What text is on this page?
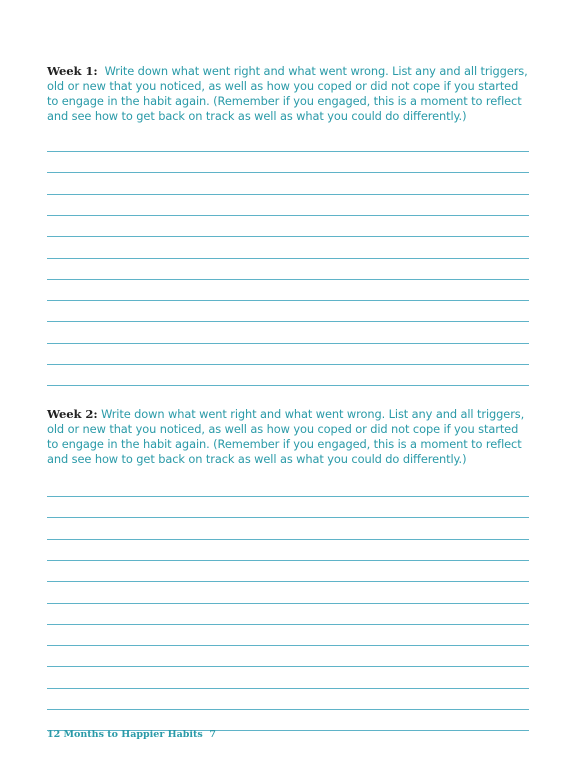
Week 1: Write down what went right and what went wrong. List any and all triggers, old or new that you noticed, as well as how you coped or did not cope if you started to engage in the habit again. (Remember if you engaged, this is a moment to reflect and see how to get back on track as well as what you could do differently.)

Week 2: Write down what went right and what went wrong. List any and all triggers, old or new that you noticed, as well as how you coped or did not cope if you started to engage in the habit again. (Remember if you engaged, this is a moment to reflect and see how to get back on track as well as what you could do differently.)

12 Months to Happier Habits 7
